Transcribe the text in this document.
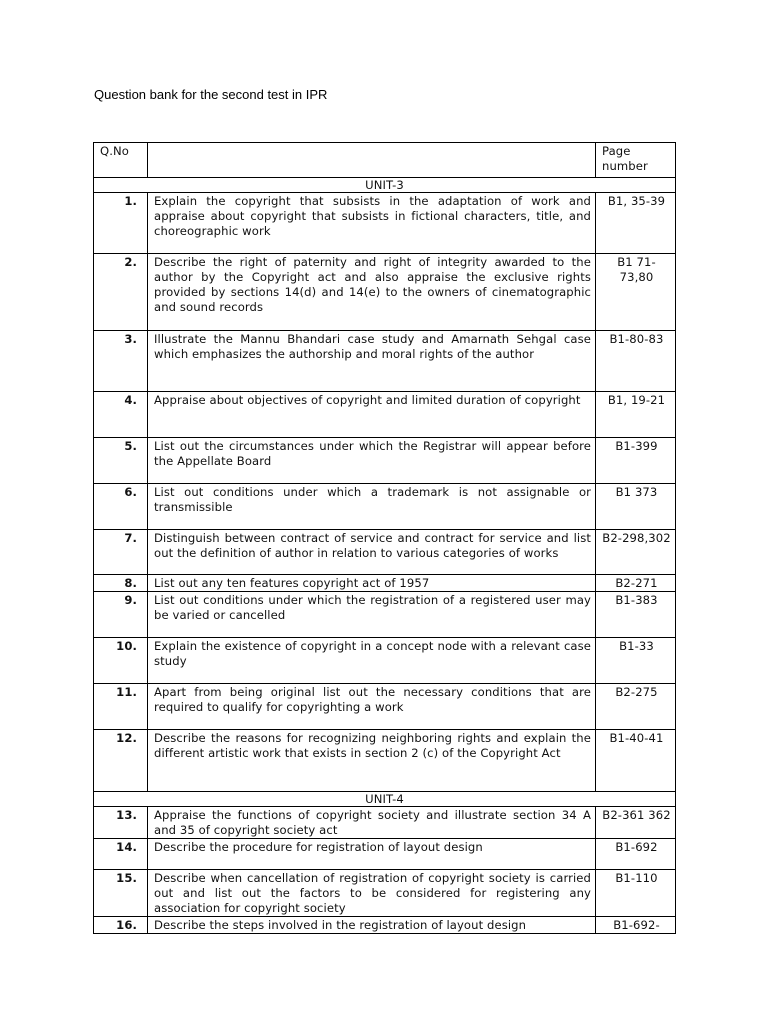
Question bank for the second test in IPR
Q.No		Page number
UNIT-3		
1.	Explain the copyright that subsists in the adaptation of work and appraise about copyright that subsists in fictional characters, title, and choreographic work	B1, 35-39
2.	Describe the right of paternity and right of integrity awarded to the author by the Copyright act and also appraise the exclusive rights provided by sections 14(d) and 14(e) to the owners of cinematographic and sound records	B1 71-73,80
3.	Illustrate the Mannu Bhandari case study and Amarnath Sehgal case which emphasizes the authorship and moral rights of the author	B1-80-83
4.	Appraise about objectives of copyright and limited duration of copyright	B1, 19-21
5.	List out the circumstances under which the Registrar will appear before the Appellate Board	B1-399
6.	List out conditions under which a trademark is not assignable or transmissible	B1 373
7.	Distinguish between contract of service and contract for service and list out the definition of author in relation to various categories of works	B2-298,302
8.	List out any ten features copyright act of 1957	B2-271
9.	List out conditions under which the registration of a registered user may be varied or cancelled	B1-383
10.	Explain the existence of copyright in a concept node with a relevant case study	B1-33
11.	Apart from being original list out the necessary conditions that are required to qualify for copyrighting a work	B2-275
12.	Describe the reasons for recognizing neighboring rights and explain the different artistic work that exists in section 2 (c) of the Copyright Act	B1-40-41
UNIT-4		
13.	Appraise the functions of copyright society and illustrate section 34 A and 35 of copyright society act	B2-361 362
14.	Describe the procedure for registration of layout design	B1-692
15.	Describe when cancellation of registration of copyright society is carried out and list out the factors to be considered for registering any association for copyright society	B1-110
16.	Describe the steps involved in the registration of layout design	B1-692-
